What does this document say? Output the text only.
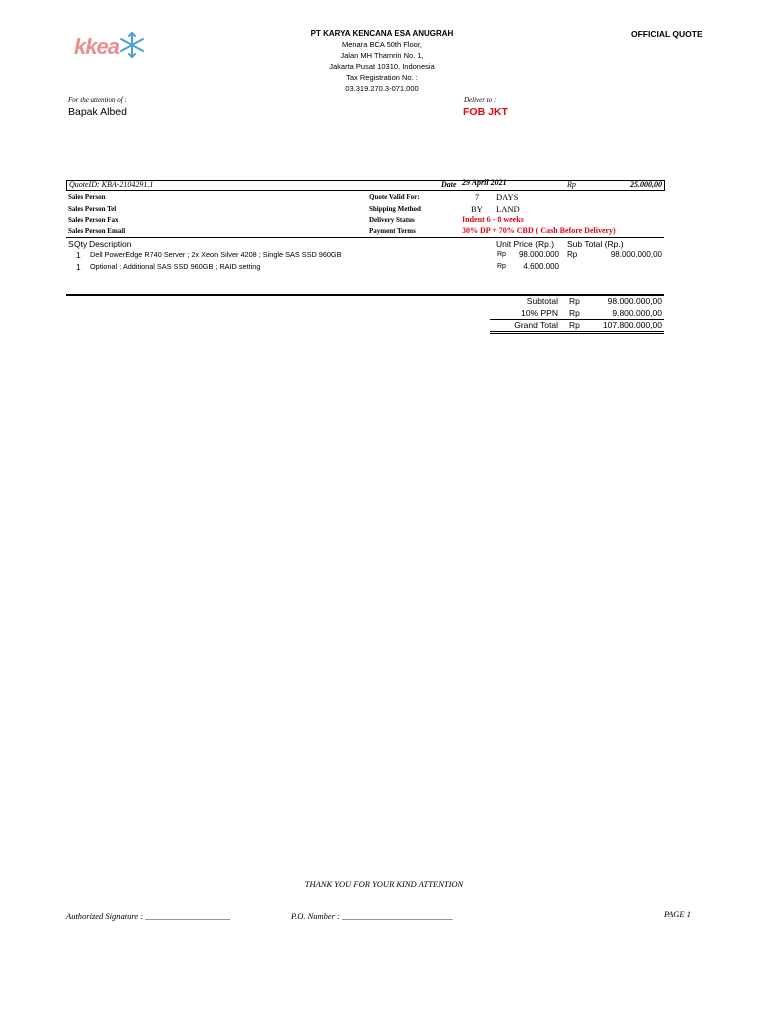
kkea
PT KARYA KENCANA ESA ANUGRAH
Menara BCA 50th Floor,
Jalan MH Thamrin No. 1,
Jakarta Pusat 10310, Indonesia
Tax Registration No. :
03.319.270.3-071.000
OFFICIAL QUOTE
For the attention of :
Bapak Albed
Deliver to :
FOB JKT
QuoteID: KBA-2104291.1	Date 29 April 2021	Rp	25.000,00
Sales Person	Quote Valid For:	7 DAYS
Sales Person Tel	Shipping Method	BY LAND
Sales Person Fax	Delivery Status	Indent 6 - 8 weeks
Sales Person Email	Payment Terms	30% DP + 70% CBD ( Cash Before Delivery)
S Qty Description	Unit Price (Rp.) Sub Total (Rp.)
1 Dell PowerEdge R740 Server ; 2x Xeon Silver 4208 ; Single SAS SSD 960GB	Rp	98.000.000 Rp	98.000.000,00
1 Optional : Additional SAS SSD 960GB ; RAID setting	Rp	4.600.000
Subtotal Rp	98.000.000,00
10% PPN Rp	9.800.000,00
Grand Total Rp	107.800.000,00
THANK YOU FOR YOUR KIND ATTENTION
Authorized Signature : ____________________	P.O. Number : __________________________	PAGE 1
